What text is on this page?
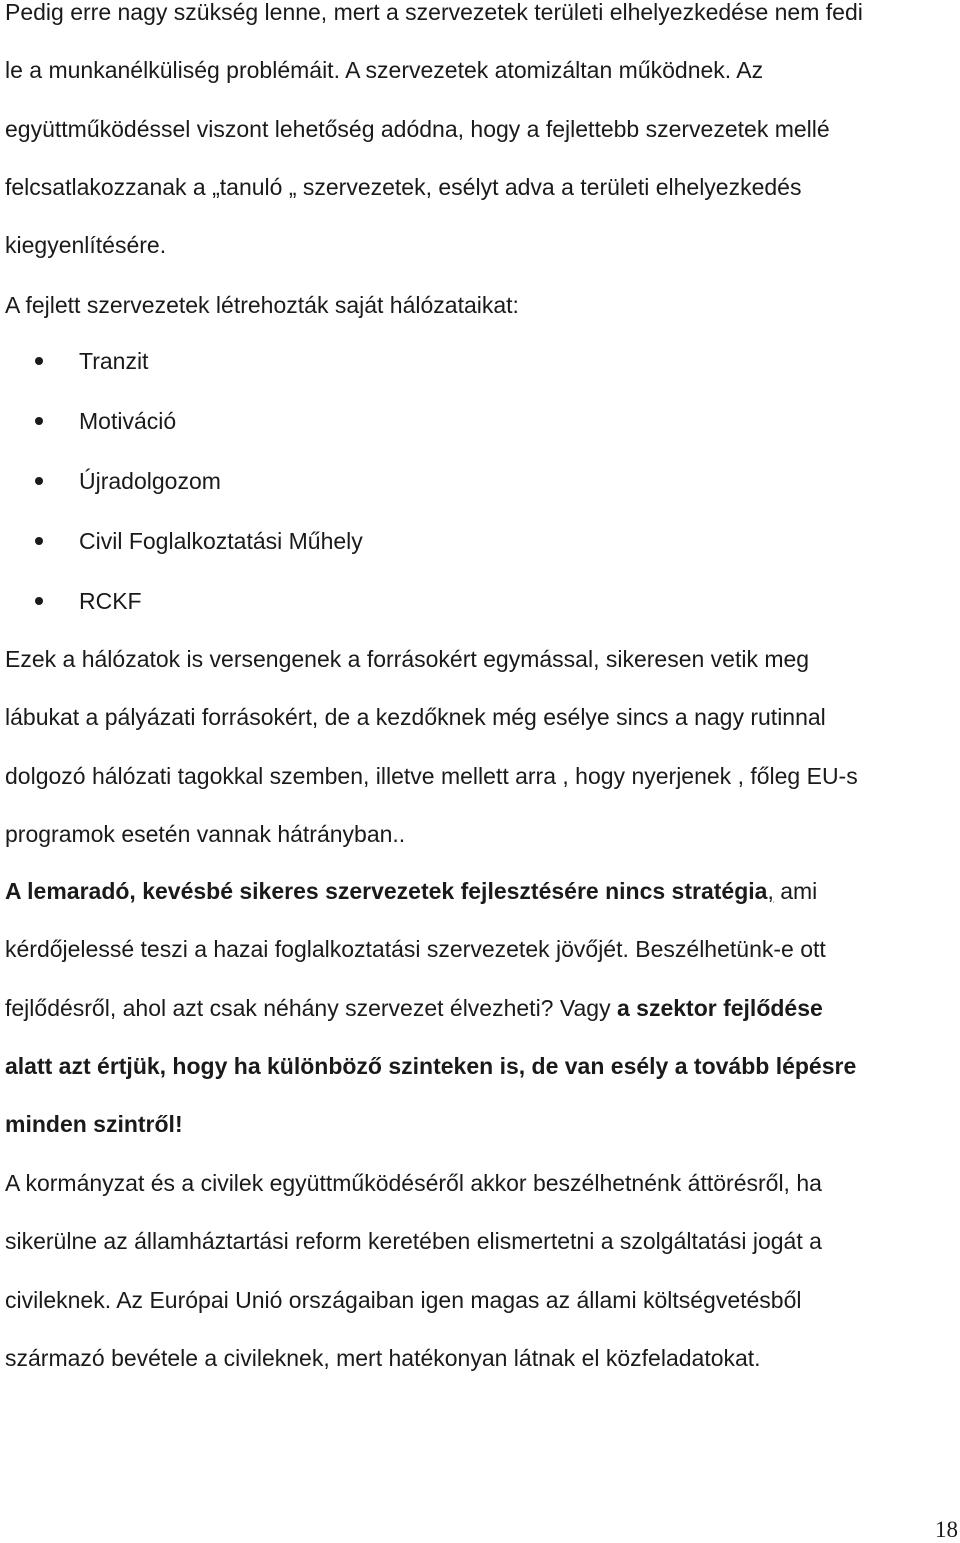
Pedig erre nagy szükség lenne, mert a szervezetek területi elhelyezkedése nem fedi

le a munkanélküliség problémáit. A szervezetek atomizáltan működnek. Az

együttműködéssel viszont lehetőség adódna, hogy a fejlettebb szervezetek mellé

felcsatlakozzanak a „tanuló „ szervezetek, esélyt adva a területi elhelyezkedés

kiegyenlítésére.

A fejlett szervezetek létrehozták saját hálózataikat:

Tranzit
Motiváció
Újradolgozom
Civil Foglalkoztatási Műhely
RCKF

Ezek a hálózatok is versengenek a forrásokért egymással, sikeresen vetik meg

lábukat a pályázati forrásokért, de a kezdőknek még esélye sincs a nagy rutinnal

dolgozó hálózati tagokkal szemben, illetve mellett arra , hogy nyerjenek , főleg EU-s

programok esetén vannak hátrányban..

A lemaradó, kevésbé sikeres szervezetek fejlesztésére nincs stratégia, ami

kérdőjelessé teszi a hazai foglalkoztatási szervezetek jövőjét. Beszélhetünk-e ott

fejlődésről, ahol azt csak néhány szervezet élvezheti? Vagy a szektor fejlődése

alatt azt értjük, hogy ha különböző szinteken is, de van esély a tovább lépésre

minden szintről!

A kormányzat és a civilek együttműködéséről akkor beszélhetnénk áttörésről, ha

sikerülne az államháztartási reform keretében elismertetni a szolgáltatási jogát a

civileknek. Az Európai Unió országaiban igen magas az állami költségvetésből

származó bevétele a civileknek, mert hatékonyan látnak el közfeladatokat.

18
